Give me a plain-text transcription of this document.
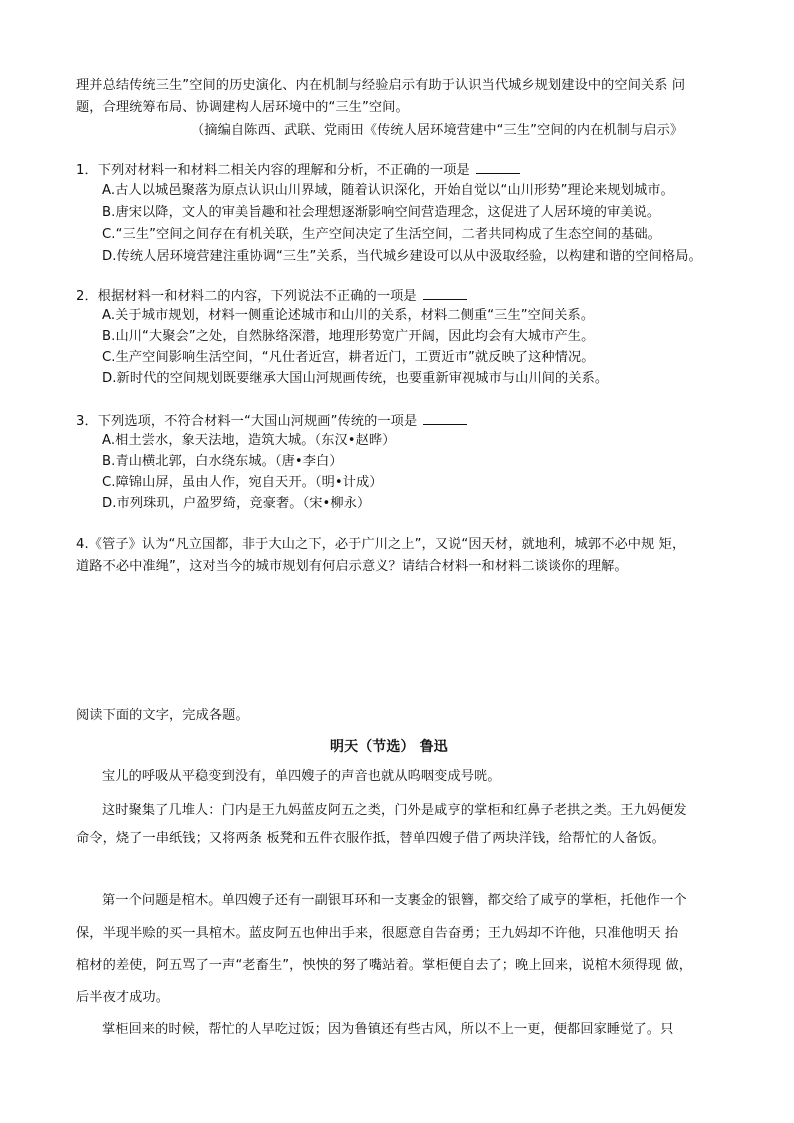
理并总结传统三生”空间的历史演化、内在机制与经验启示有助于认识当代城乡规划建设中的空间关系 问
题，合理统筹布局、协调建构人居环境中的“三生”空间。
（摘编自陈西、武联、党雨田《传统人居环境营建中“三生”空间的内在机制与启示》
1．下列对材料一和材料二相关内容的理解和分析，不正确的一项是
A.古人以城邑聚落为原点认识山川界域，随着认识深化，开始自觉以“山川形势”理论来规划城市。
B.唐宋以降，文人的审美旨趣和社会理想逐渐影响空间营造理念，这促进了人居环境的审美说。
C.“三生”空间之间存在有机关联，生产空间决定了生活空间，二者共同构成了生态空间的基础。
D.传统人居环境营建注重协调“三生”关系，当代城乡建设可以从中汲取经验，以构建和谐的空间格局。
2．根据材料一和材料二的内容，下列说法不正确的一项是
A.关于城市规划，材料一侧重论述城市和山川的关系，材料二侧重“三生”空间关系。
B.山川“大聚会”之处，自然脉络深潜，地理形势宽广开阔，因此均会有大城市产生。
C.生产空间影响生活空间，“凡仕者近宫，耕者近门，工贾近市”就反映了这种情况。
D.新时代的空间规划既要继承大国山河规画传统，也要重新审视城市与山川间的关系。
3．下列选项，不符合材料一“大国山河规画”传统的一项是
A.相土尝水，象天法地，造筑大城。（东汉•赵晔）
B.青山横北郭，白水绕东城。（唐•李白）
C.障锦山屏，虽由人作，宛自天开。（明•计成）
D.市列珠玑，户盈罗绮，竞豪奢。（宋•柳永）
4.《管子》认为“凡立国都，非于大山之下，必于广川之上”，又说“因天材，就地利，城郭不必中规 矩，
道路不必中准绳”，这对当今的城市规划有何启示意义？请结合材料一和材料二谈谈你的理解。
阅读下面的文字，完成各题。
明天（节选） 鲁迅
宝儿的呼吸从平稳变到没有，单四嫂子的声音也就从呜咽变成号咣。
这时聚集了几堆人：门内是王九妈蓝皮阿五之类，门外是咸亨的掌柜和红鼻子老拱之类。王九妈便发
命令，烧了一串纸钱；又将两条 板凳和五件衣服作抵，替单四嫂子借了两块洋钱，给帮忙的人备饭。
第一个问题是棺木。单四嫂子还有一副银耳环和一支裹金的银簪，都交给了咸亨的掌柜，托他作一个
保，半现半赊的买一具棺木。蓝皮阿五也伸出手来，很愿意自告奋勇；王九妈却不许他，只准他明天 抬
棺材的差使，阿五骂了一声“老畜生”，怏怏的努了嘴站着。掌柜便自去了；晚上回来，说棺木须得现 做，
后半夜才成功。
掌柜回来的时候，帮忙的人早吃过饭；因为鲁镇还有些古风，所以不上一更，便都回家睡觉了。只
